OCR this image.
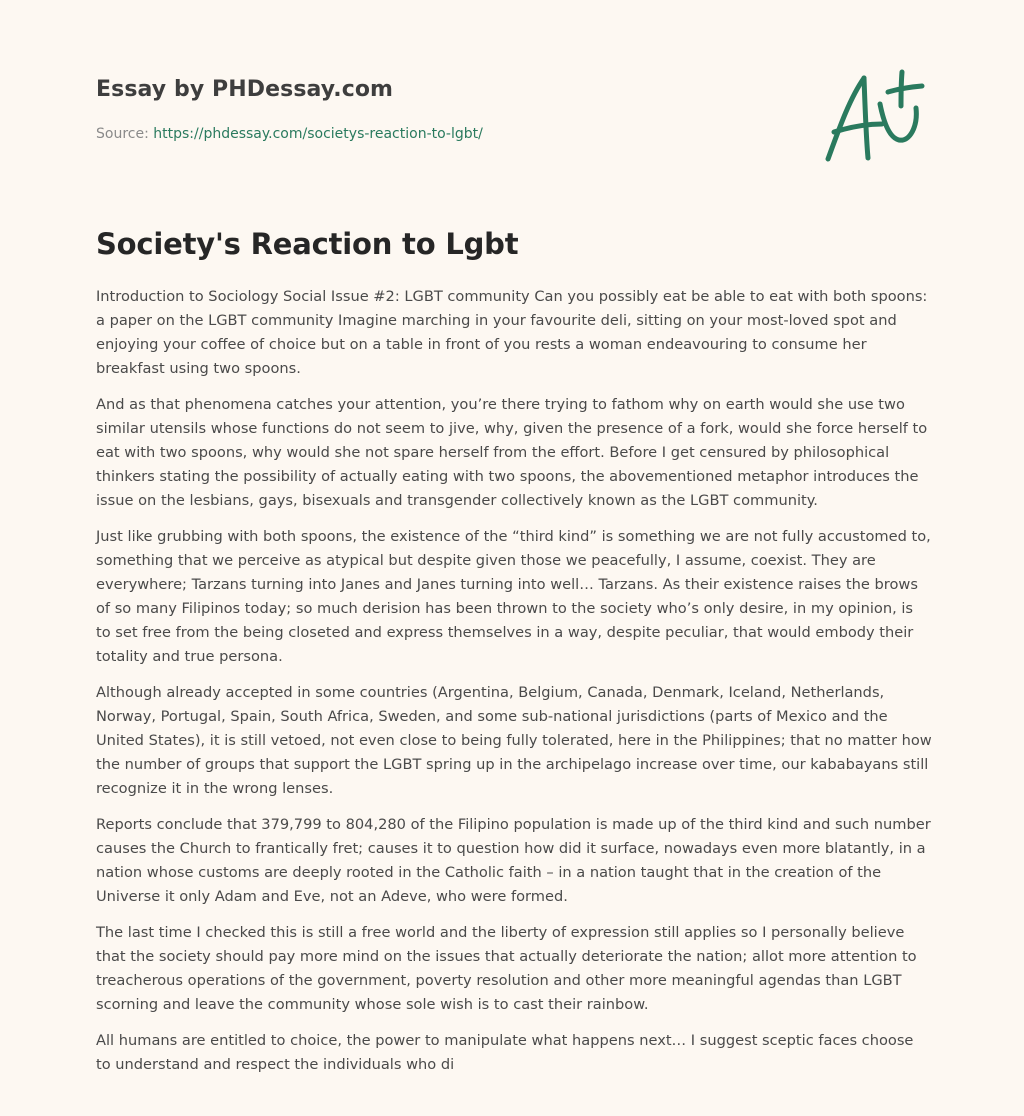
Essay by PHDessay.com
Source: https://phdessay.com/societys-reaction-to-lgbt/
Society's Reaction to Lgbt

Introduction to Sociology Social Issue #2: LGBT community Can you possibly eat be able to eat with both spoons: a paper on the LGBT community Imagine marching in your favourite deli, sitting on your most-loved spot and enjoying your coffee of choice but on a table in front of you rests a woman endeavouring to consume her breakfast using two spoons.

And as that phenomena catches your attention, you’re there trying to fathom why on earth would she use two similar utensils whose functions do not seem to jive, why, given the presence of a fork, would she force herself to eat with two spoons, why would she not spare herself from the effort. Before I get censured by philosophical thinkers stating the possibility of actually eating with two spoons, the abovementioned metaphor introduces the issue on the lesbians, gays, bisexuals and transgender collectively known as the LGBT community.

Just like grubbing with both spoons, the existence of the “third kind” is something we are not fully accustomed to, something that we perceive as atypical but despite given those we peacefully, I assume, coexist. They are everywhere; Tarzans turning into Janes and Janes turning into well… Tarzans. As their existence raises the brows of so many Filipinos today; so much derision has been thrown to the society who’s only desire, in my opinion, is to set free from the being closeted and express themselves in a way, despite peculiar, that would embody their totality and true persona.

Although already accepted in some countries (Argentina, Belgium, Canada, Denmark, Iceland, Netherlands, Norway, Portugal, Spain, South Africa, Sweden, and some sub-national jurisdictions (parts of Mexico and the United States), it is still vetoed, not even close to being fully tolerated, here in the Philippines; that no matter how the number of groups that support the LGBT spring up in the archipelago increase over time, our kababayans still recognize it in the wrong lenses.

Reports conclude that 379,799 to 804,280 of the Filipino population is made up of the third kind and such number causes the Church to frantically fret; causes it to question how did it surface, nowadays even more blatantly, in a nation whose customs are deeply rooted in the Catholic faith – in a nation taught that in the creation of the Universe it only Adam and Eve, not an Adeve, who were formed.

The last time I checked this is still a free world and the liberty of expression still applies so I personally believe that the society should pay more mind on the issues that actually deteriorate the nation; allot more attention to treacherous operations of the government, poverty resolution and other more meaningful agendas than LGBT scorning and leave the community whose sole wish is to cast their rainbow.

All humans are entitled to choice, the power to manipulate what happens next… I suggest sceptic faces choose to understand and respect the individuals who di
